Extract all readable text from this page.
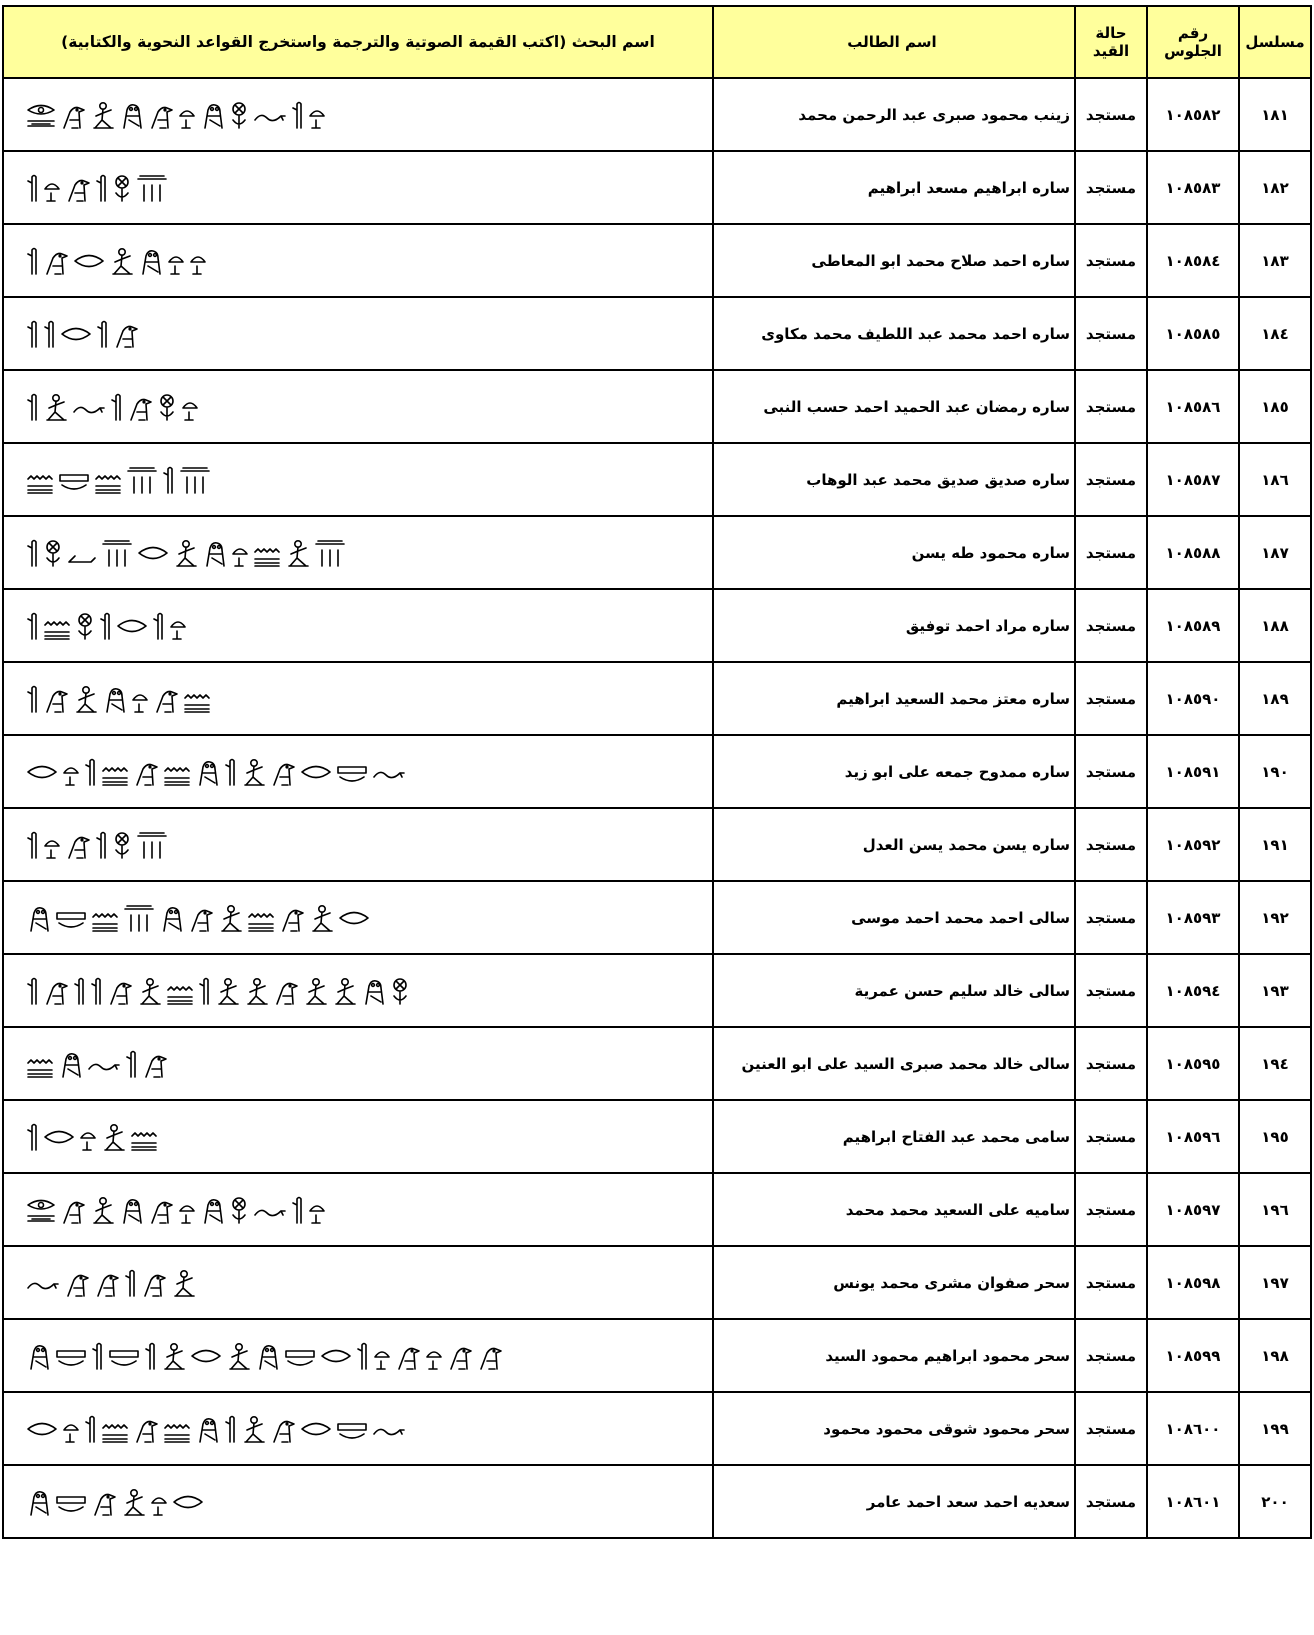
مسلسل	رقم الجلوس	حالة القيد	اسم الطالب	اسم البحث (اكتب القيمة الصوتية والترجمة واستخرج القواعد النحوية والكتابية)
١٨١	١٠٨٥٨٢	مستجد	زينب محمود صبرى عبد الرحمن محمد	

١٨٢	١٠٨٥٨٣	مستجد	ساره ابراهيم مسعد ابراهيم	

١٨٣	١٠٨٥٨٤	مستجد	ساره احمد صلاح محمد ابو المعاطى	

١٨٤	١٠٨٥٨٥	مستجد	ساره احمد محمد عبد اللطيف محمد مكاوى	

١٨٥	١٠٨٥٨٦	مستجد	ساره رمضان عبد الحميد احمد حسب النبى	

١٨٦	١٠٨٥٨٧	مستجد	ساره صديق صديق محمد عبد الوهاب	

١٨٧	١٠٨٥٨٨	مستجد	ساره محمود طه يسن	

١٨٨	١٠٨٥٨٩	مستجد	ساره مراد احمد توفيق	

١٨٩	١٠٨٥٩٠	مستجد	ساره معتز محمد السعيد ابراهيم	

١٩٠	١٠٨٥٩١	مستجد	ساره ممدوح جمعه على ابو زيد	

١٩١	١٠٨٥٩٢	مستجد	ساره يسن محمد يسن العدل	

١٩٢	١٠٨٥٩٣	مستجد	سالى احمد محمد احمد موسى	

١٩٣	١٠٨٥٩٤	مستجد	سالى خالد سليم حسن عمرية	

١٩٤	١٠٨٥٩٥	مستجد	سالى خالد محمد صبرى السيد على ابو العنين	

١٩٥	١٠٨٥٩٦	مستجد	سامى محمد عبد الفتاح ابراهيم	

١٩٦	١٠٨٥٩٧	مستجد	ساميه على السعيد محمد محمد	

١٩٧	١٠٨٥٩٨	مستجد	سحر صفوان مشرى محمد يونس	

١٩٨	١٠٨٥٩٩	مستجد	سحر محمود ابراهيم محمود السيد	

١٩٩	١٠٨٦٠٠	مستجد	سحر محمود شوقى محمود محمود	

٢٠٠	١٠٨٦٠١	مستجد	سعديه احمد سعد احمد عامر	
